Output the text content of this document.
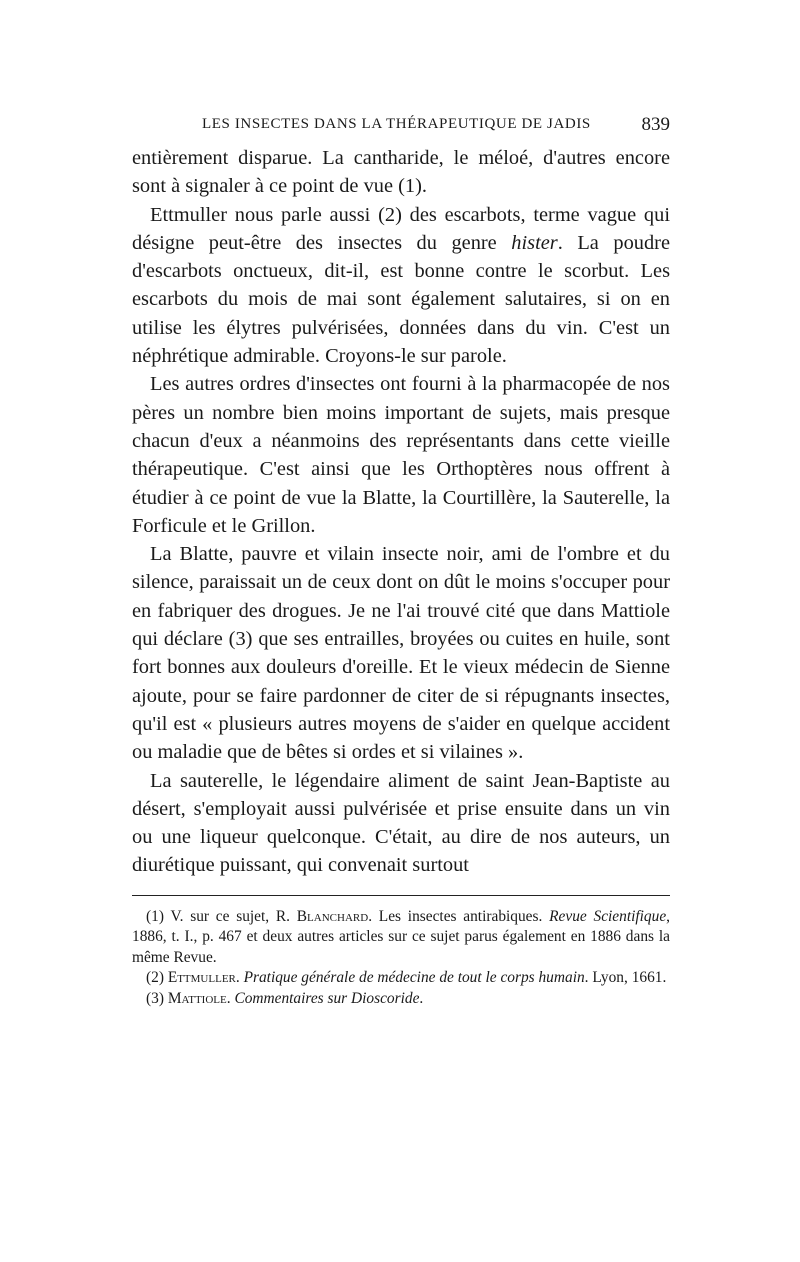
LES INSECTES DANS LA THÉRAPEUTIQUE DE JADIS	839

entièrement disparue. La cantharide, le méloé, d'autres encore sont à signaler à ce point de vue (1).

Ettmuller nous parle aussi (2) des escarbots, terme vague qui désigne peut-être des insectes du genre hister. La poudre d'escarbots onctueux, dit-il, est bonne contre le scorbut. Les escarbots du mois de mai sont également salutaires, si on en utilise les élytres pulvérisées, données dans du vin. C'est un néphrétique admirable. Croyons-le sur parole.

Les autres ordres d'insectes ont fourni à la pharmacopée de nos pères un nombre bien moins important de sujets, mais presque chacun d'eux a néanmoins des représentants dans cette vieille thérapeutique. C'est ainsi que les Orthoptères nous offrent à étudier à ce point de vue la Blatte, la Courtillère, la Sauterelle, la Forficule et le Grillon.

La Blatte, pauvre et vilain insecte noir, ami de l'ombre et du silence, paraissait un de ceux dont on dût le moins s'occuper pour en fabriquer des drogues. Je ne l'ai trouvé cité que dans Mattiole qui déclare (3) que ses entrailles, broyées ou cuites en huile, sont fort bonnes aux douleurs d'oreille. Et le vieux médecin de Sienne ajoute, pour se faire pardonner de citer de si répugnants insectes, qu'il est « plusieurs autres moyens de s'aider en quelque accident ou maladie que de bêtes si ordes et si vilaines ».

La sauterelle, le légendaire aliment de saint Jean-Baptiste au désert, s'employait aussi pulvérisée et prise ensuite dans un vin ou une liqueur quelconque. C'était, au dire de nos auteurs, un diurétique puissant, qui convenait surtout

(1) V. sur ce sujet, R. Blanchard. Les insectes antirabiques. Revue Scientifique, 1886, t. I., p. 467 et deux autres articles sur ce sujet parus également en 1886 dans la même Revue.

(2) Ettmuller. Pratique générale de médecine de tout le corps humain. Lyon, 1661.

(3) Mattiole. Commentaires sur Dioscoride.
